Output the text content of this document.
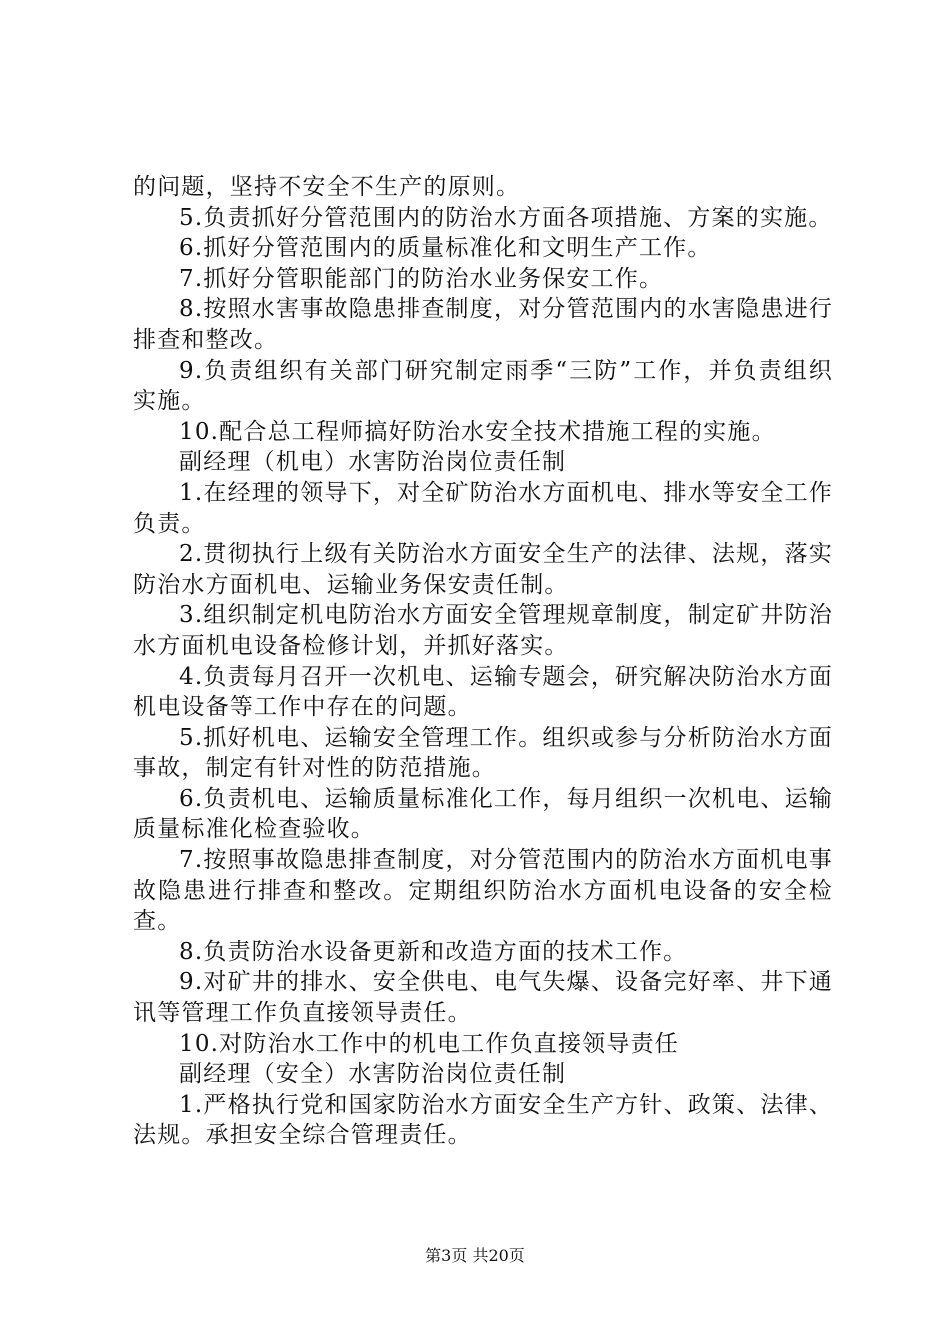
的问题，坚持不安全不生产的原则。

5.负责抓好分管范围内的防治水方面各项措施、方案的实施。

6.抓好分管范围内的质量标准化和文明生产工作。

7.抓好分管职能部门的防治水业务保安工作。

8.按照水害事故隐患排查制度，对分管范围内的水害隐患进行排查和整改。

9.负责组织有关部门研究制定雨季“三防”工作，并负责组织实施。

10.配合总工程师搞好防治水安全技术措施工程的实施。

副经理（机电）水害防治岗位责任制

1.在经理的领导下，对全矿防治水方面机电、排水等安全工作负责。

2.贯彻执行上级有关防治水方面安全生产的法律、法规，落实防治水方面机电、运输业务保安责任制。

3.组织制定机电防治水方面安全管理规章制度，制定矿井防治水方面机电设备检修计划，并抓好落实。

4.负责每月召开一次机电、运输专题会，研究解决防治水方面机电设备等工作中存在的问题。

5.抓好机电、运输安全管理工作。组织或参与分析防治水方面事故，制定有针对性的防范措施。

6.负责机电、运输质量标准化工作，每月组织一次机电、运输质量标准化检查验收。

7.按照事故隐患排查制度，对分管范围内的防治水方面机电事故隐患进行排查和整改。定期组织防治水方面机电设备的安全检查。

8.负责防治水设备更新和改造方面的技术工作。

9.对矿井的排水、安全供电、电气失爆、设备完好率、井下通讯等管理工作负直接领导责任。

10.对防治水工作中的机电工作负直接领导责任

副经理（安全）水害防治岗位责任制

1.严格执行党和国家防治水方面安全生产方针、政策、法律、法规。承担安全综合管理责任。

第3页 共20页
